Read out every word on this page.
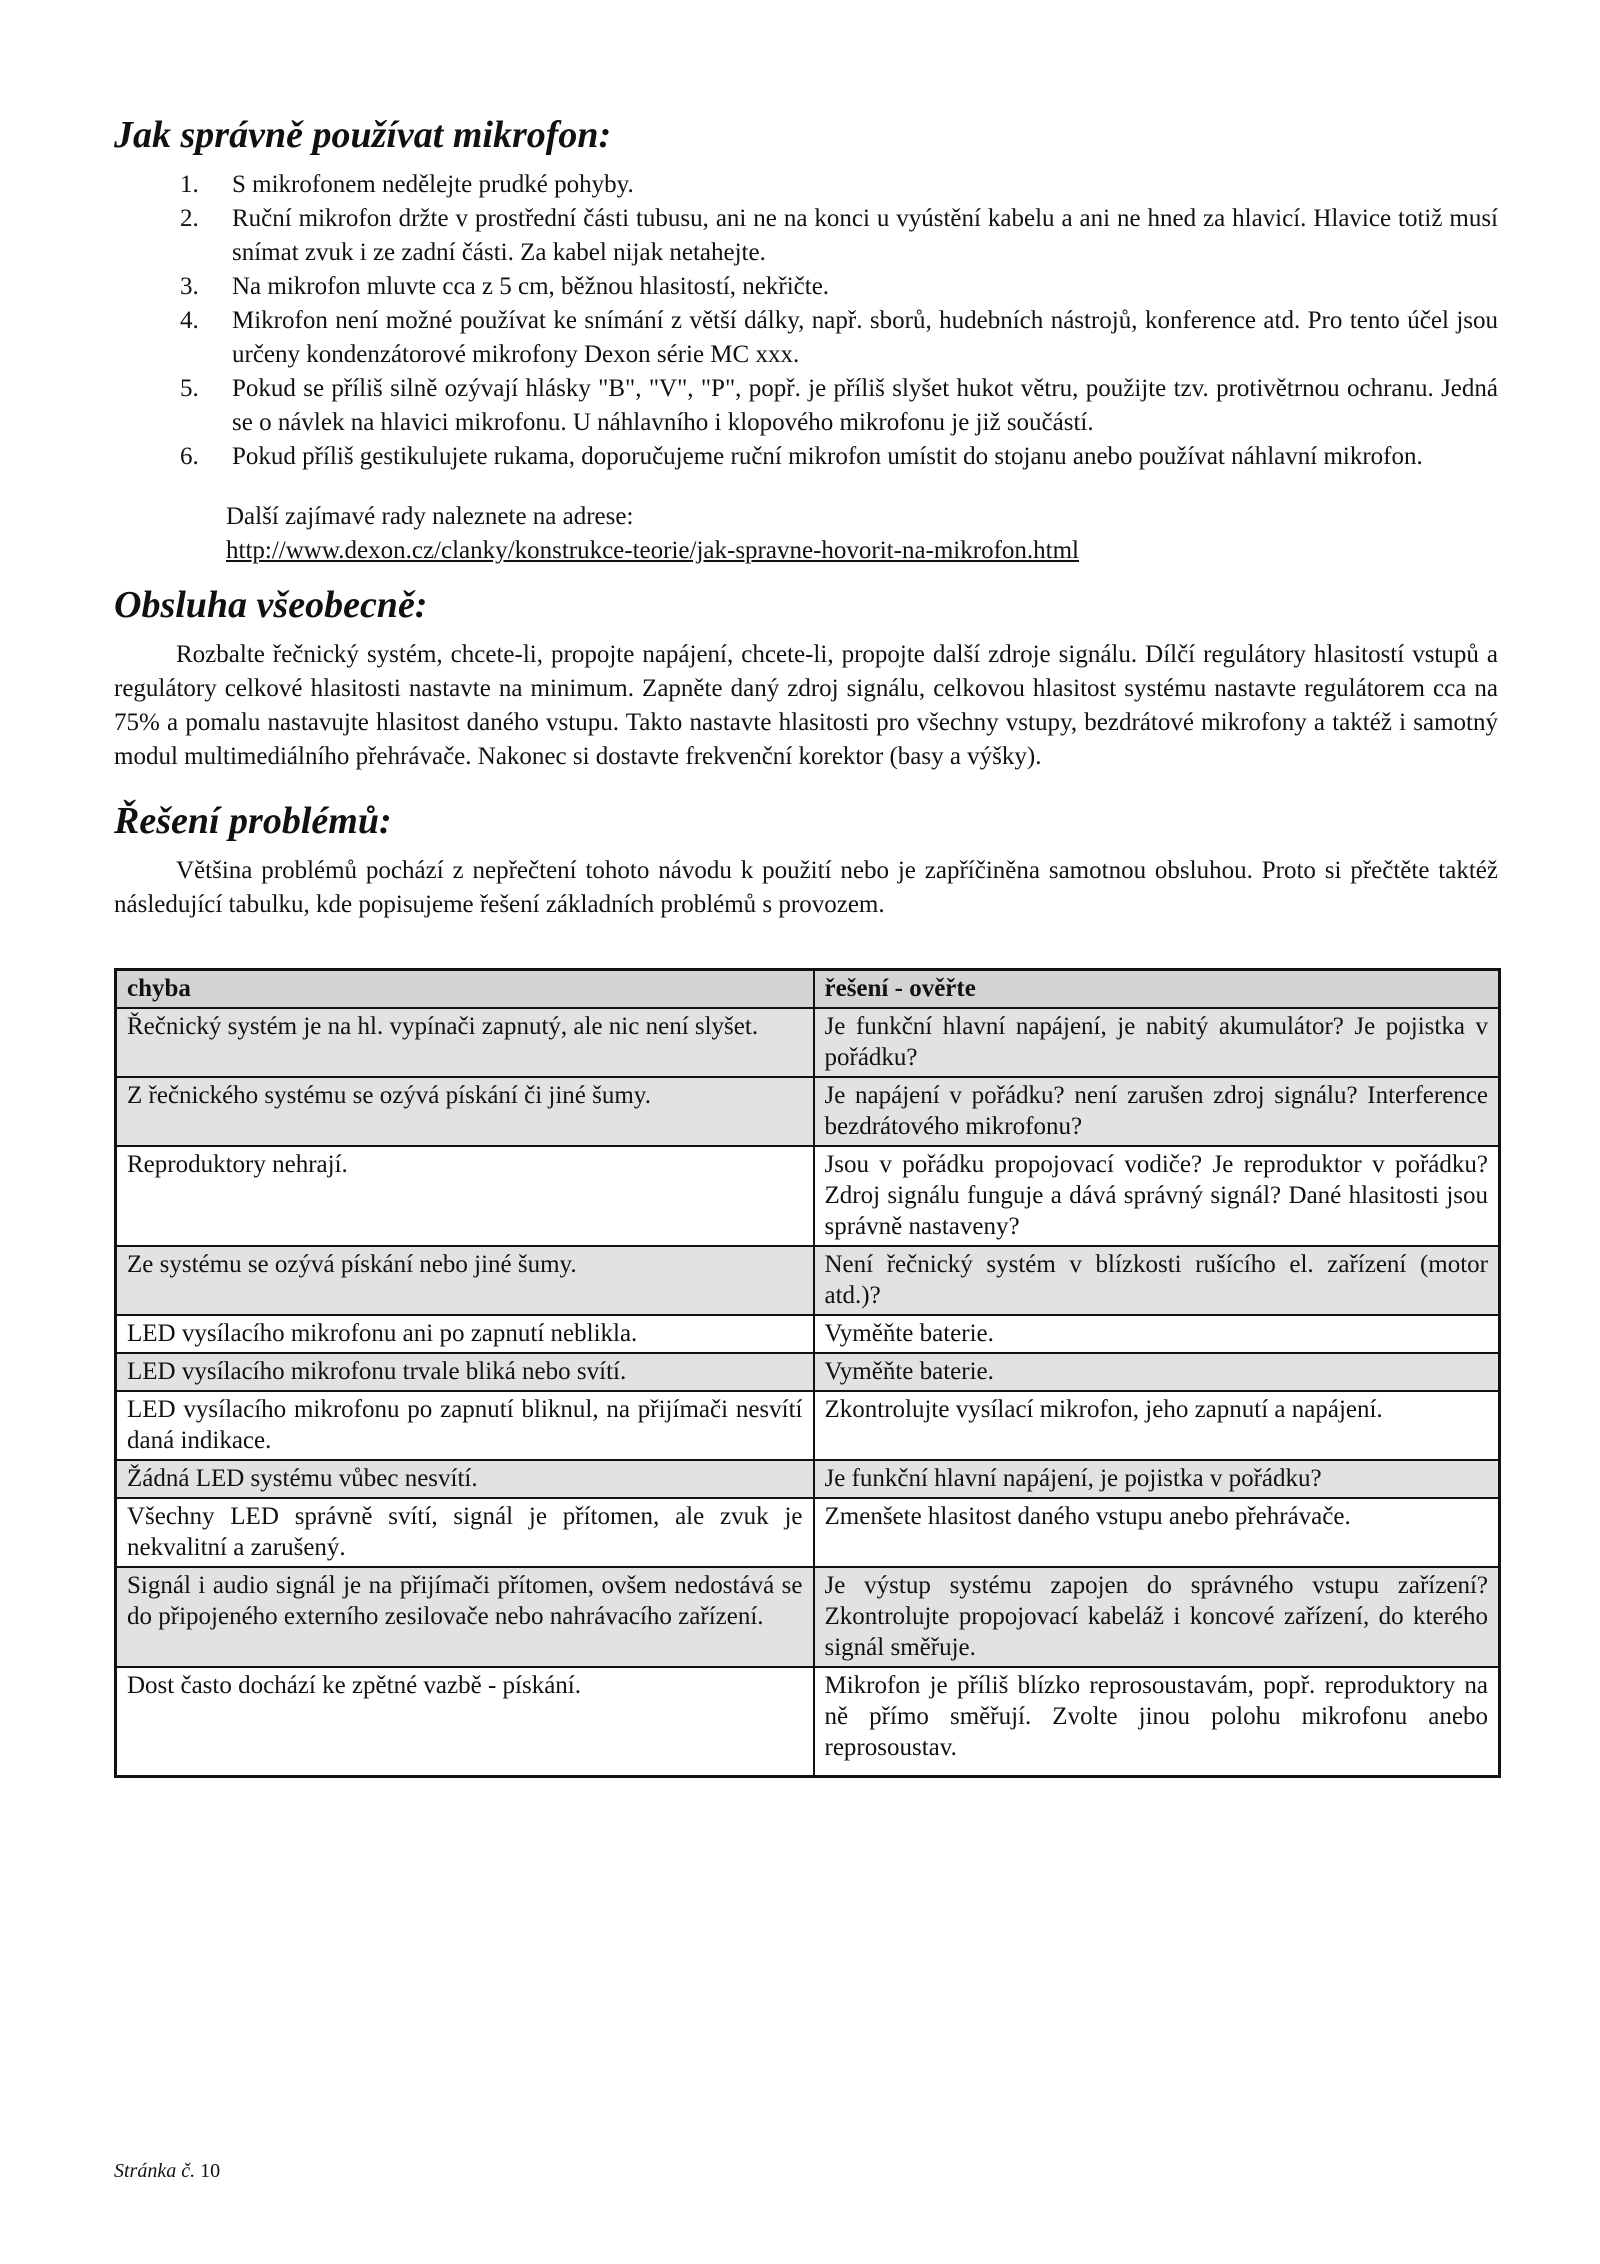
Jak správně používat mikrofon:
1. S mikrofonem nedělejte prudké pohyby.
2. Ruční mikrofon držte v prostřední části tubusu, ani ne na konci u vyústění kabelu a ani ne hned za hlavicí. Hlavice totiž musí snímat zvuk i ze zadní části. Za kabel nijak netahejte.
3. Na mikrofon mluvte cca z 5 cm, běžnou hlasitostí, nekřičte.
4. Mikrofon není možné používat ke snímání z větší dálky, např. sborů, hudebních nástrojů, konference atd. Pro tento účel jsou určeny kondenzátorové mikrofony Dexon série MC xxx.
5. Pokud se příliš silně ozývají hlásky "B", "V", "P", popř. je příliš slyšet hukot větru, použijte tzv. protivětrnou ochranu. Jedná se o návlek na hlavici mikrofonu. U náhlavního i klopového mikrofonu je již součástí.
6. Pokud příliš gestikulujete rukama, doporučujeme ruční mikrofon umístit do stojanu anebo používat náhlavní mikrofon.
Další zajímavé rady naleznete na adrese:
http://www.dexon.cz/clanky/konstrukce-teorie/jak-spravne-hovorit-na-mikrofon.html
Obsluha všeobecně:

Rozbalte řečnický systém, chcete-li, propojte napájení, chcete-li, propojte další zdroje signálu. Dílčí regulátory hlasitostí vstupů a regulátory celkové hlasitosti nastavte na minimum. Zapněte daný zdroj signálu, celkovou hlasitost systému nastavte regulátorem cca na 75% a pomalu nastavujte hlasitost daného vstupu. Takto nastavte hlasitosti pro všechny vstupy, bezdrátové mikrofony a taktéž i samotný modul multimediálního přehrávače. Nakonec si dostavte frekvenční korektor (basy a výšky).

Řešení problémů:

Většina problémů pochází z nepřečtení tohoto návodu k použití nebo je zapříčiněna samotnou obsluhou. Proto si přečtěte taktéž následující tabulku, kde popisujeme řešení základních problémů s provozem.

chyba	řešení - ověřte
Řečnický systém je na hl. vypínači zapnutý, ale nic není slyšet.	Je funkční hlavní napájení, je nabitý akumulátor? Je pojistka v pořádku?
Z řečnického systému se ozývá pískání či jiné šumy.	Je napájení v pořádku? není zarušen zdroj signálu? Interference bezdrátového mikrofonu?
Reproduktory nehrají.	Jsou v pořádku propojovací vodiče? Je reproduktor v pořádku? Zdroj signálu funguje a dává správný signál? Dané hlasitosti jsou správně nastaveny?
Ze systému se ozývá pískání nebo jiné šumy.	Není řečnický systém v blízkosti rušícího el. zařízení (motor atd.)?
LED vysílacího mikrofonu ani po zapnutí neblikla.	Vyměňte baterie.
LED vysílacího mikrofonu trvale bliká nebo svítí.	Vyměňte baterie.
LED vysílacího mikrofonu po zapnutí bliknul, na přijímači nesvítí daná indikace.	Zkontrolujte vysílací mikrofon, jeho zapnutí a napájení.
Žádná LED systému vůbec nesvítí.	Je funkční hlavní napájení, je pojistka v pořádku?
Všechny LED správně svítí, signál je přítomen, ale zvuk je nekvalitní a zarušený.	Zmenšete hlasitost daného vstupu anebo přehrávače.
Signál i audio signál je na přijímači přítomen, ovšem nedostává se do připojeného externího zesilovače nebo nahrávacího zařízení.	Je výstup systému zapojen do správného vstupu zařízení? Zkontrolujte propojovací kabeláž i koncové zařízení, do kterého signál směřuje.
Dost často dochází ke zpětné vazbě - pískání.	Mikrofon je příliš blízko reprosoustavám, popř. reproduktory na ně přímo směřují. Zvolte jinou polohu mikrofonu anebo reprosoustav.
Stránka č. 10
